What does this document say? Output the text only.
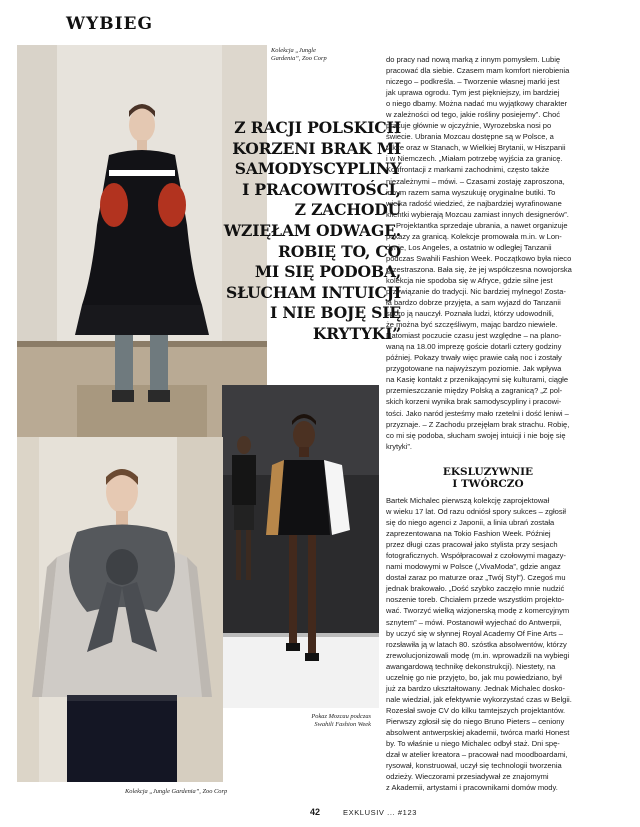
WYBIEG
Kolekcja „Jungle
Gardenia”, Zoo Corp
Z RACJI POLSKICH
KORZENI BRAK MI
SAMODYSCYPLINY
I PRACOWITOŚCI,
Z ZACHODU
WZIĘŁAM ODWAGĘ.
ROBIĘ TO, CO
MI SIĘ PODOBA,
SŁUCHAM INTUICJI
I NIE BOJĘ SIĘ
KRYTYKI”

do pracy nad nową marką z innym pomysłem. Lubię

pracować dla siebie. Czasem mam komfort nierobienia

niczego – podkreśla. – Tworzenie własnej marki jest

jak uprawa ogrodu. Tym jest piękniejszy, im bardziej

o niego dbamy. Można nadać mu wyjątkowy charakter

w zależności od tego, jakie rośliny posiejemy”. Choć

pracuje głównie w ojczyźnie, Wyrozebska nosi po

świecie. Ubrania Mozcau dostępne są w Polsce, a

także oraz w Stanach, w Wielkiej Brytanii, w Hiszpanii

i w Niemczech. „Miałam potrzebę wyjścia za granicę.

Konfrontacji z markami zachodnimi, często także

niezależnymi – mówi. – Czasami zostaję zaproszona,

innym razem sama wyszukuję oryginalne butiki. To

wielka radość wiedzieć, że najbardziej wyrafinowane

klientki wybierają Mozcau zamiast innych designerów”.

Projektantka sprzedaje ubrania, a nawet organizuje

pokazy za granicą. Kolekcje promowała m.in. w Lon-

dynie, Los Angeles, a ostatnio w odległej Tanzanii

podczas Swahili Fashion Week. Początkowo była nieco

przestraszona. Bała się, że jej współczesna nowojorska

kolekcja nie spodoba się w Afryce, gdzie silne jest

przywiązanie do tradycji. Nic bardziej mylnego! Zosta-

ła bardzo dobrze przyjęta, a sam wyjazd do Tanzanii

sporo ją nauczył. Poznała ludzi, którzy udowodnili,

że można być szczęśliwym, mając bardzo niewiele.

Natomiast poczucie czasu jest względne – na plano-

waną na 18.00 imprezę goście dotarli cztery godziny

później. Pokazy trwały więc prawie całą noc i zostały

przygotowane na najwyższym poziomie. Jak wpływa

na Kasię kontakt z przenikającymi się kulturami, ciągłe

przemieszczanie między Polską a zagranicą? „Z pol-

skich korzeni wynika brak samodyscypliny i pracowi-

tości. Jako naród jesteśmy mało rzetelni i dość leniwi –

przyznaje. – Z Zachodu przejęłam brak strachu. Robię,

co mi się podoba, słucham swojej intuicji i nie boję się

krytyki”.

Pokaz Mozcau podczas
Swahili Fashion Week
Kolekcja „Jungle Gardenia”, Zoo Corp
EKSLUZYWNIE
I TWÓRCZO

Bartek Michalec pierwszą kolekcję zaprojektował

w wieku 17 lat. Od razu odniósł spory sukces – zgłosił

się do niego agenci z Japonii, a linia ubrań została

zaprezentowana na Tokio Fashion Week. Później

przez długi czas pracował jako stylista przy sesjach

fotograficznych. Współpracował z czołowymi magazy-

nami modowymi w Polsce („VivaModa”, gdzie angaz

dostał zaraz po maturze oraz „Twój Styl”). Czegoś mu

jednak brakowało. „Dość szybko zaczęło mnie nudzić

noszenie toreb. Chciałem przede wszystkim projekto-

wać. Tworzyć wielką wizjonerską modę z komercyjnym

sznytem” – mówi. Postanowił wyjechać do Antwerpii,

by uczyć się w słynnej Royal Academy Of Fine Arts –

rozsławiła ją w latach 80. szóstka absolwentów, którzy

zrewolucjonizowali modę (m.in. wprowadzili na wybiegi

awangardową technikę dekonstrukcji). Niestety, na

uczelnię go nie przyjęto, bo, jak mu powiedziano, był

już za bardzo ukształtowany. Jednak Michalec dosko-

nale wiedział, jak efektywnie wykorzystać czas w Belgii.

Rozesłał swoje CV do kilku tamtejszych projektantów.

Pierwszy zgłosił się do niego Bruno Pieters – ceniony

absolwent antwerpskiej akademii, twórca marki Honest

by. To właśnie u niego Michalec odbył staż. Dni spę-

dzał w atelier kreatora – pracował nad moodboardami,

rysował, konstruował, uczył się technologii tworzenia

odzieży. Wieczorami przesiadywał ze znajomymi

z Akademii, artystami i pracownikami domów mody.

42	EXKLUSIV ... #123
